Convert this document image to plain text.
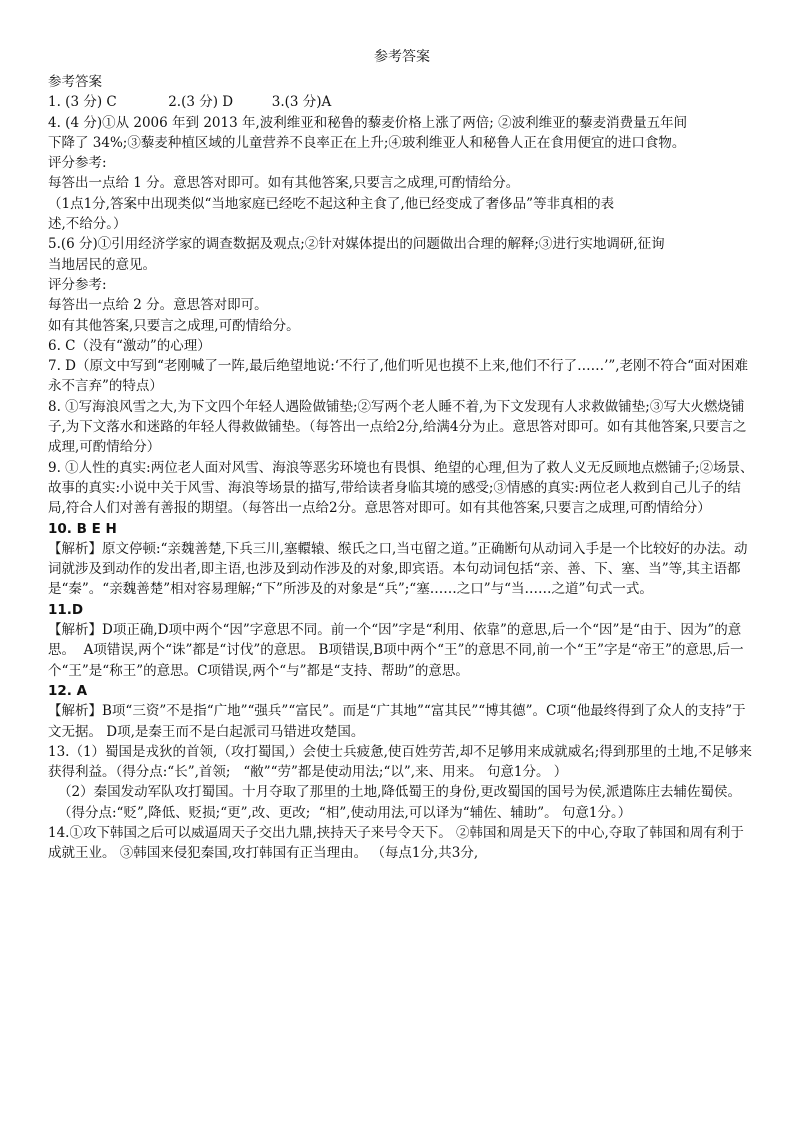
参考答案

参考答案

1. (3 分) C            2.(3 分) D         3.(3 分)A

4. (4 分)①从 2006 年到 2013 年,波利维亚和秘鲁的藜麦价格上涨了两倍; ②波利维亚的藜麦消费量五年间

下降了 34%;③藜麦种植区域的儿童营养不良率正在上升;④玻利维亚人和秘鲁人正在食用便宜的进口食物。

评分参考:

每答出一点给 1 分。意思答对即可。如有其他答案,只要言之成理,可酌情给分。

（1点1分,答案中出现类似“当地家庭已经吃不起这种主食了,他已经变成了奢侈品”等非真相的表

述,不给分。）

5.(6 分)①引用经济学家的调查数据及观点;②针对媒体提出的问题做出合理的解释;③进行实地调研,征询

当地居民的意见。

评分参考:

每答出一点给 2 分。意思答对即可。

如有其他答案,只要言之成理,可酌情给分。

6. C（没有“激动”的心理）

7. D（原文中写到“老刚喊了一阵,最后绝望地说:‘不行了,他们听见也摸不上来,他们不行了……’”,老刚不符合“面对困难永不言弃”的特点）

8. ①写海浪风雪之大,为下文四个年轻人遇险做铺垫;②写两个老人睡不着,为下文发现有人求救做铺垫;③写大火燃烧铺子,为下文落水和迷路的年轻人得救做铺垫。（每答出一点给2分,给满4分为止。意思答对即可。如有其他答案,只要言之成理,可酌情给分）

9. ①人性的真实:两位老人面对风雪、海浪等恶劣环境也有畏惧、绝望的心理,但为了救人义无反顾地点燃铺子;②场景、故事的真实:小说中关于风雪、海浪等场景的描写,带给读者身临其境的感受;③情感的真实:两位老人救到自己儿子的结局,符合人们对善有善报的期望。（每答出一点给2分。意思答对即可。如有其他答案,只要言之成理,可酌情给分）

10. B E H

【解析】原文停顿:“亲魏善楚,下兵三川,塞轘辕、缑氏之口,当屯留之道。”正确断句从动词入手是一个比较好的办法。动词就涉及到动作的发出者,即主语,也涉及到动作涉及的对象,即宾语。本句动词包括“亲、善、下、塞、当”等,其主语都是“秦”。“亲魏善楚”相对容易理解;“下”所涉及的对象是“兵”;“塞……之口”与“当……之道”句式一式。

11.D

【解析】D项正确,D项中两个“因”字意思不同。前一个“因”字是“利用、依靠”的意思,后一个“因”是“由于、因为”的意思。  A项错误,两个“诛”都是“讨伐”的意思。 B项错误,B项中两个“王”的意思不同,前一个“王”字是“帝王”的意思,后一个“王”是“称王”的意思。C项错误,两个“与”都是“支持、帮助”的意思。

12. A

【解析】B项“三资”不是指“广地”“强兵”“富民”。而是“广其地”“富其民”“博其德”。C项“他最终得到了众人的支持”于文无据。 D项,是秦王而不是白起派司马错进攻楚国。

13.（1）蜀国是戎狄的首领,（攻打蜀国,）会使士兵疲惫,使百姓劳苦,却不足够用来成就威名;得到那里的土地,不足够来获得利益。（得分点:“长”,首领;   “敝”“劳”都是使动用法;“以”,来、用来。 句意1分。 ）

（2）秦国发动军队攻打蜀国。十月夺取了那里的土地,降低蜀王的身份,更改蜀国的国号为侯,派遣陈庄去辅佐蜀侯。（得分点:“贬”,降低、贬损;“更”,改、更改;  “相”,使动用法,可以译为“辅佐、辅助”。 句意1分。）

14.①攻下韩国之后可以威逼周天子交出九鼎,挟持天子来号令天下。 ②韩国和周是天下的中心,夺取了韩国和周有利于成就王业。 ③韩国来侵犯秦国,攻打韩国有正当理由。 （每点1分,共3分,
